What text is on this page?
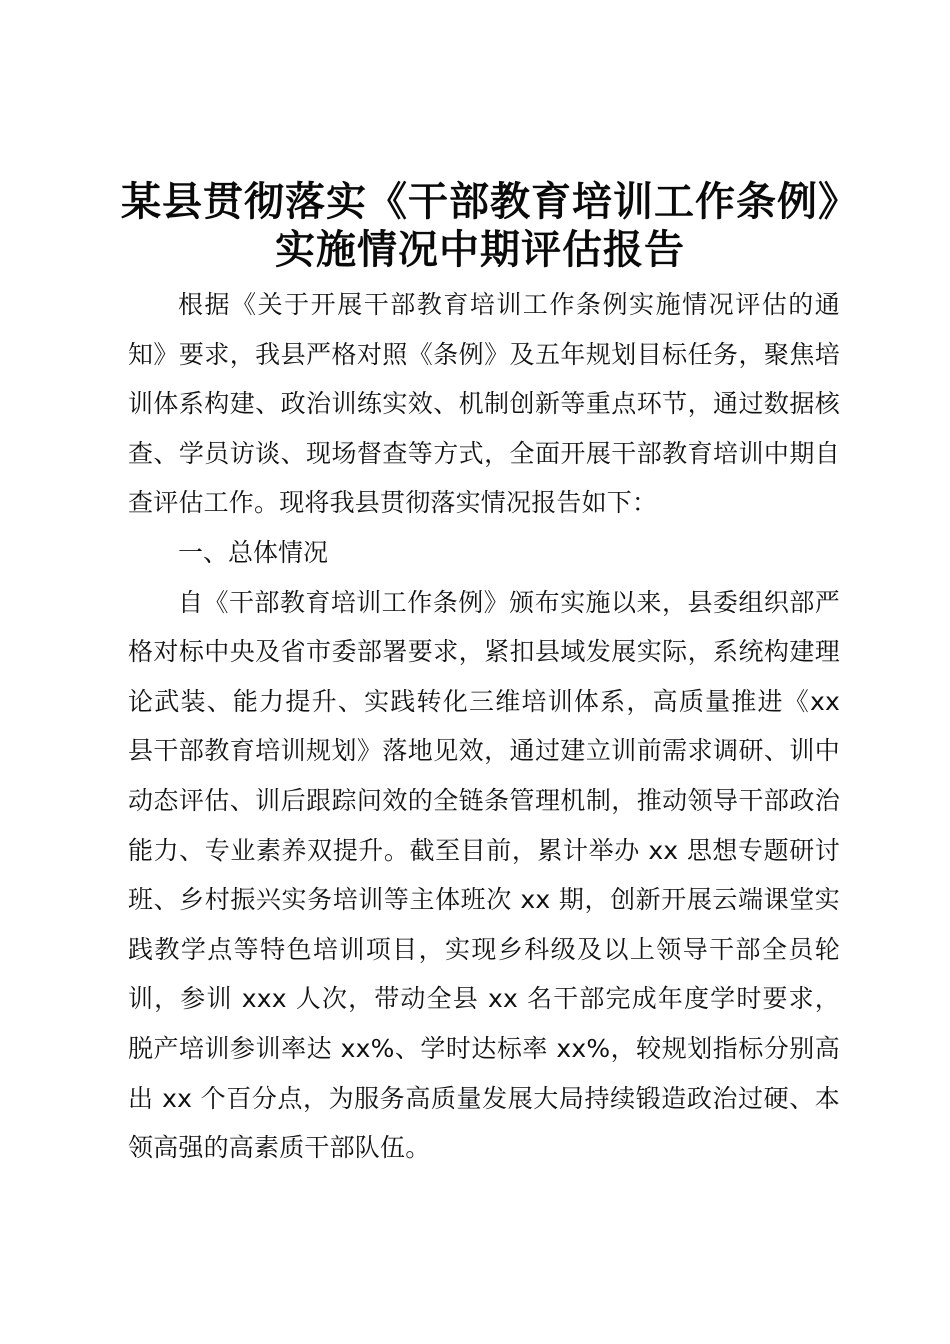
某县贯彻落实《干部教育培训工作条例》实施情况中期评估报告

根据《关于开展干部教育培训工作条例实施情况评估的通知》要求，我县严格对照《条例》及五年规划目标任务，聚焦培训体系构建、政治训练实效、机制创新等重点环节，通过数据核查、学员访谈、现场督查等方式，全面开展干部教育培训中期自查评估工作。现将我县贯彻落实情况报告如下：

一、总体情况

自《干部教育培训工作条例》颁布实施以来，县委组织部严格对标中央及省市委部署要求，紧扣县域发展实际，系统构建理论武装、能力提升、实践转化三维培训体系，高质量推进《xx 县干部教育培训规划》落地见效，通过建立训前需求调研、训中动态评估、训后跟踪问效的全链条管理机制，推动领导干部政治能力、专业素养双提升。截至目前，累计举办 xx 思想专题研讨班、乡村振兴实务培训等主体班次 xx 期，创新开展云端课堂实践教学点等特色培训项目，实现乡科级及以上领导干部全员轮训，参训 xxx 人次，带动全县 xx 名干部完成年度学时要求，脱产培训参训率达 xx%、学时达标率 xx%，较规划指标分别高出 xx 个百分点，为服务高质量发展大局持续锻造政治过硬、本领高强的高素质干部队伍。
